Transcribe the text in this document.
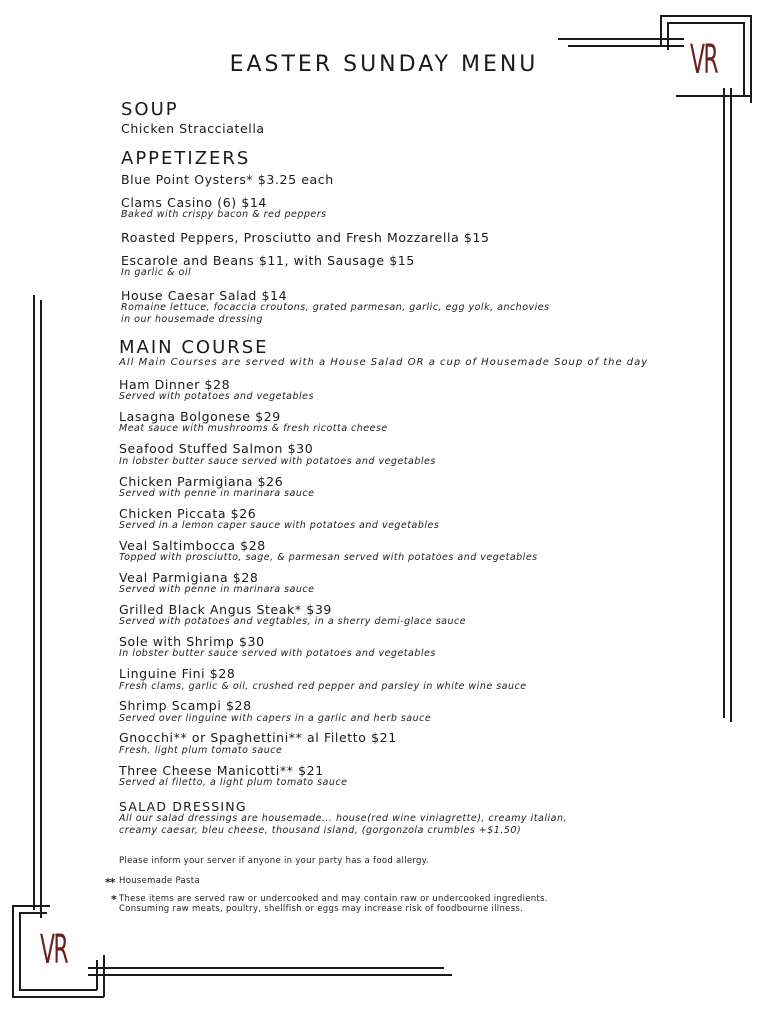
VR
VR
EASTER SUNDAY MENU
SOUP
Chicken Stracciatella
APPETIZERS
Blue Point Oysters* $3.25 each
Clams Casino (6) $14
Baked with crispy bacon & red peppers
Roasted Peppers, Prosciutto and Fresh Mozzarella $15
Escarole and Beans $11, with Sausage $15
In garlic & oil
House Caesar Salad $14
Romaine lettuce, focaccia croutons, grated parmesan, garlic, egg yolk, anchovies
in our housemade dressing
MAIN COURSE
All Main Courses are served with a House Salad OR a cup of Housemade Soup of the day
Ham Dinner $28
Served with potatoes and vegetables
Lasagna Bolgonese $29
Meat sauce with mushrooms & fresh ricotta cheese
Seafood Stuffed Salmon $30
In lobster butter sauce served with potatoes and vegetables
Chicken Parmigiana $26
Served with penne in marinara sauce
Chicken Piccata $26
Served in a lemon caper sauce with potatoes and vegetables
Veal Saltimbocca $28
Topped with prosciutto, sage, & parmesan served with potatoes and vegetables
Veal Parmigiana $28
Served with penne in marinara sauce
Grilled Black Angus Steak* $39
Served with potatoes and vegtables, in a sherry demi-glace sauce
Sole with Shrimp $30
In lobster butter sauce served with potatoes and vegetables
Linguine Fini $28
Fresh clams, garlic & oil, crushed red pepper and parsley in white wine sauce
Shrimp Scampi $28
Served over linguine with capers in a garlic and herb sauce
Gnocchi** or Spaghettini** al Filetto $21
Fresh, light plum tomato sauce
Three Cheese Manicotti** $21
Served al filetto, a light plum tomato sauce
SALAD DRESSING
All our salad dressings are housemade... house(red wine viniagrette), creamy italian,
creamy caesar, bleu cheese, thousand island, (gorgonzola crumbles +$1.50)
Please inform your server if anyone in your party has a food allergy.
** Housemade Pasta
* These items are served raw or undercooked and may contain raw or undercooked ingredients.
Consuming raw meats, poultry, shellfish or eggs may increase risk of foodbourne illness.
